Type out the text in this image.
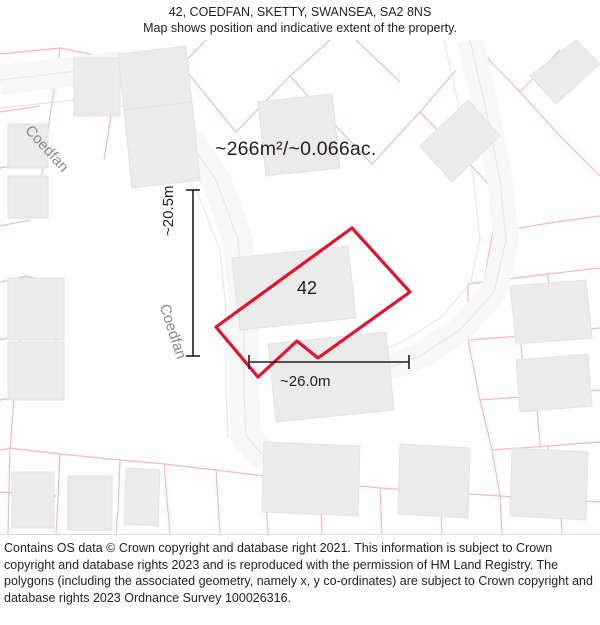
42, COEDFAN, SKETTY, SWANSEA, SA2 8NS
Map shows position and indicative extent of the property.
~266m²/~0.066ac.
42
~26.0m
~20.5m
Coedfan
Coedfan

Contains OS data © Crown copyright and database right 2021. This information is subject to Crown copyright and database rights 2023 and is reproduced with the permission of HM Land Registry. The polygons (including the associated geometry, namely x, y co-ordinates) are subject to Crown copyright and database rights 2023 Ordnance Survey 100026316.
